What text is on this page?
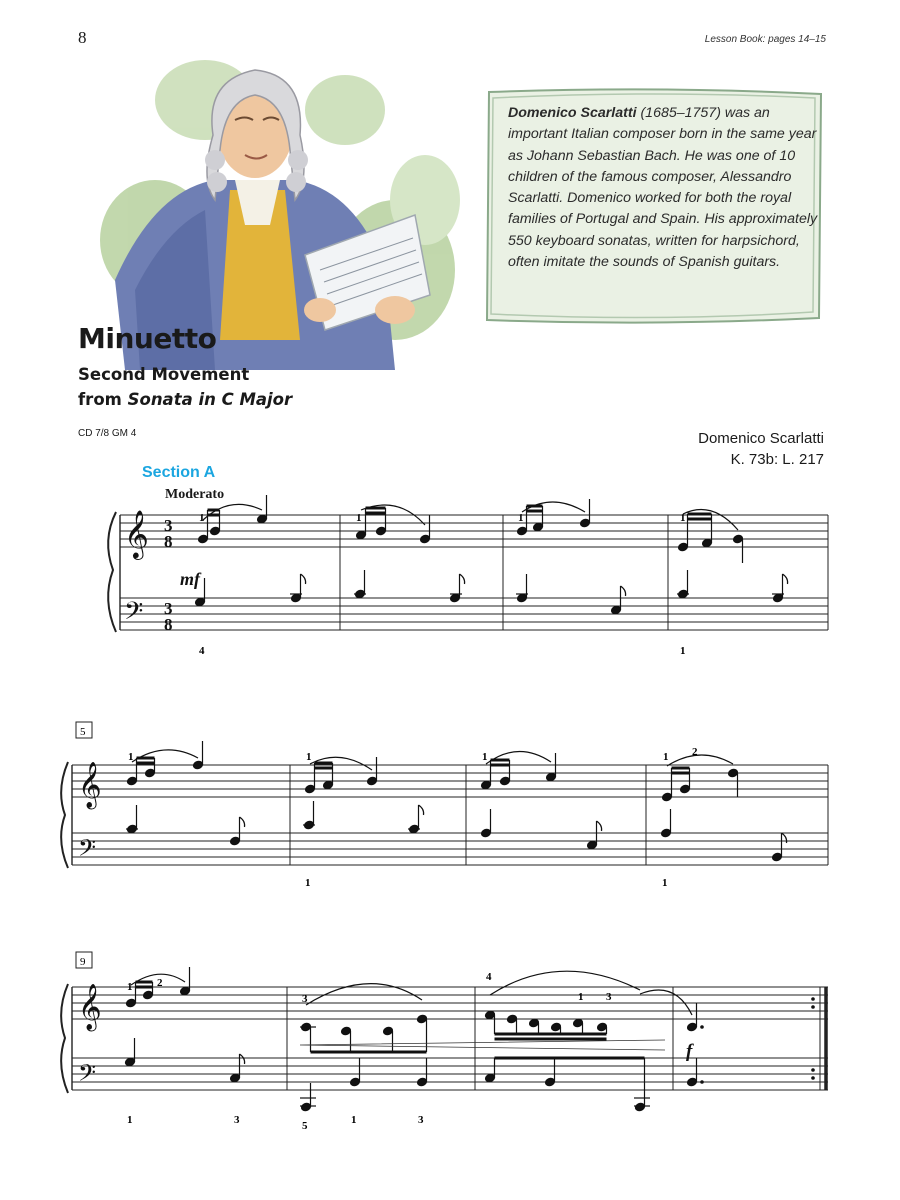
8	Lesson Book: pages 14–15
Domenico Scarlatti (1685–1757) was an important Italian composer born in the same year as Johann Sebastian Bach. He was one of 10 children of the famous composer, Alessandro Scarlatti. Domenico worked for both the royal families of Portugal and Spain. His approximately 550 keyboard sonatas, written for harpsichord, often imitate the sounds of Spanish guitars.
Minuetto
Second Movement
from Sonata in C Major
CD 7/8 GM 4	Domenico Scarlatti
K. 73b: L. 217
Section A
Moderato
𝄞
𝄢
3
8
3
8
1
mf
4
1	1	1
1
5
𝄞
𝄢
1	1
1
1	1 2
1
9
𝄞
𝄢
1 2
1	3
3
5	1	3
4
1 3
f
